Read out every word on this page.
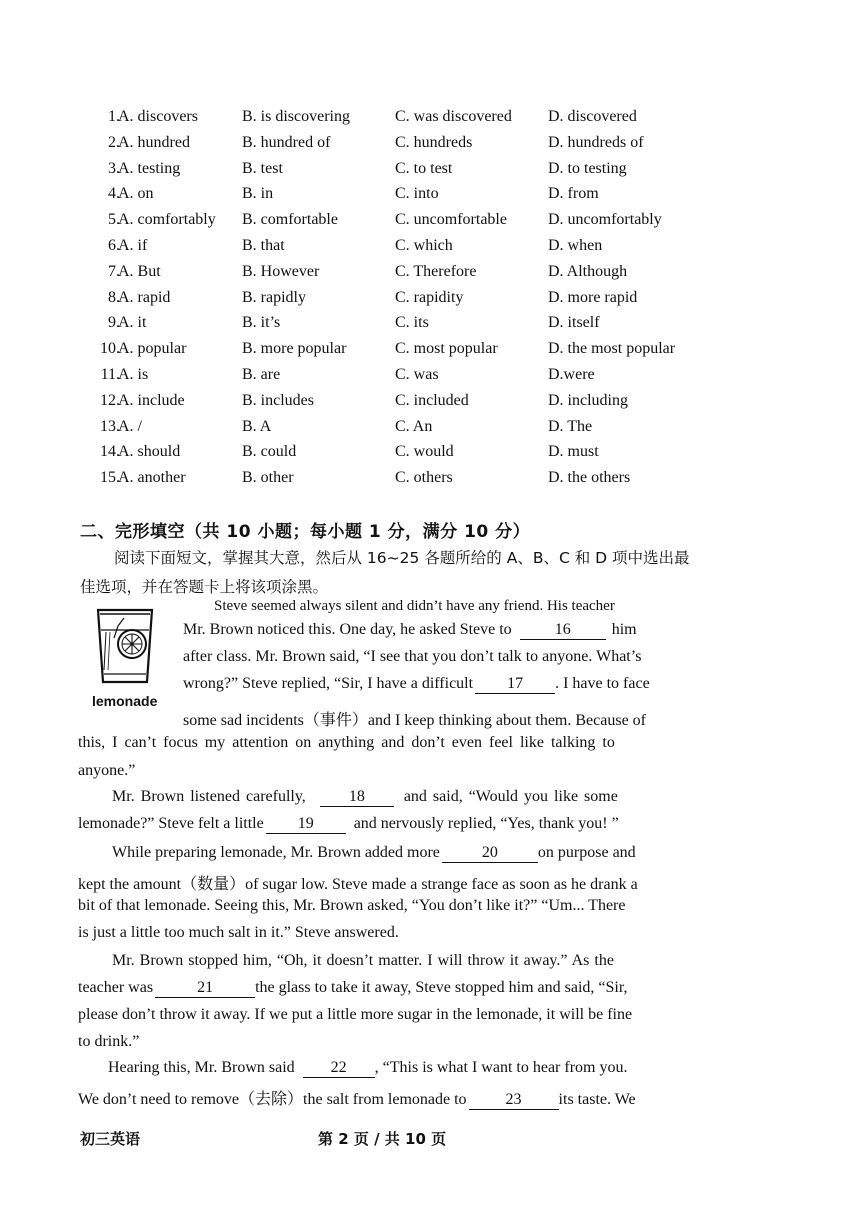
1.
A. discovers	B. is discovering	C. was discovered D. discovered
2.
A. hundred	B. hundred of	C. hundreds	D. hundreds of
3.
A. testing	B. test	C. to test	D. to testing
4.
A. on	B. in	C. into	D. from
5.
A. comfortably B. comfortable	C. uncomfortable	D. uncomfortably
6.
A. if	B. that	C. which	D. when
7.
A. But	B. However	C. Therefore	D. Although
8.
A. rapid	B. rapidly	C. rapidity	D. more rapid
9.
A. it	B. it’s	C. its	D. itself
10.
A. popular	B. more popular	C. most popular	D. the most popular
11.
A. is	B. are	C. was	D.were
12.
A. include	B. includes	C. included	D. including
13.
A. /	B. A	C. An	D. The
14.
A. should	B. could	C. would	D. must
15.
A. another	B. other	C. others	D. the others
二、完形填空（共 10 小题；每小题 1 分，满分 10 分）
阅读下面短文，掌握其大意，然后从 16~25 各题所给的 A、B、C 和 D 项中选出最佳选项，并在答题卡上将该项涂黑。
lemonade
Steve seemed always silent and didn’t have any friend. His teacher
Mr. Brown noticed this. One day, he asked Steve to	16	him
after class. Mr. Brown said, “I see that you don’t talk to anyone. What’s
wrong?” Steve replied, “Sir, I have a difficult 17 . I have to face
some sad incidents（事件）and I keep thinking about them. Because of
this, I can’t focus my attention on anything and don’t even feel like talking to
anyone.”
Mr. Brown listened carefully,	18 and said, “Would you like some
lemonade?” Steve felt a little 19	and nervously replied, “Yes, thank you! ”
While preparing lemonade, Mr. Brown added more	20	on purpose and
kept the amount（数量）of sugar low. Steve made a strange face as soon as he drank a
bit of that lemonade. Seeing this, Mr. Brown asked, “You don’t like it?” “Um... There
is just a little too much salt in it.” Steve answered.
Mr. Brown stopped him, “Oh, it doesn’t matter. I will throw it away.” As the
teacher was	21	the glass to take it away, Steve stopped him and said, “Sir,
please don’t throw it away. If we put a little more sugar in the lemonade, it will be fine
to drink.”
Hearing this, Mr. Brown said 22 , “This is what I want to hear from you.
We don’t need to remove（去除）the salt from lemonade to 23 its taste. We
初三英语	第 2 页 / 共 10 页
